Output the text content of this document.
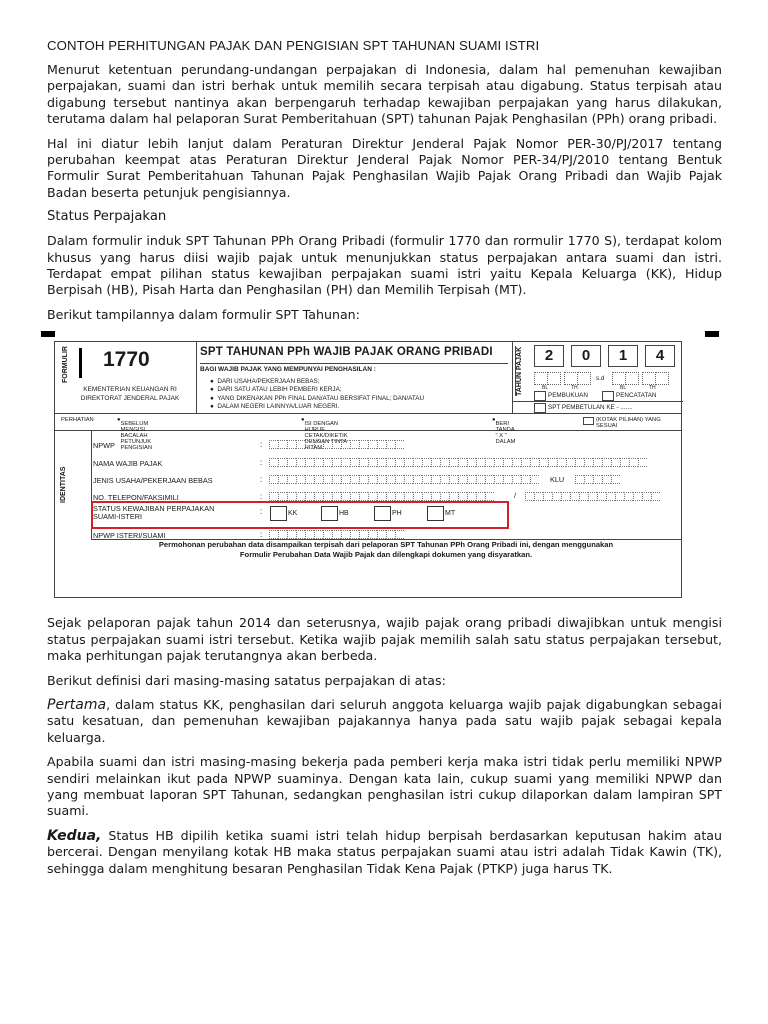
CONTOH PERHITUNGAN PAJAK DAN PENGISIAN SPT TAHUNAN SUAMI ISTRI

Menurut ketentuan perundang-undangan perpajakan di Indonesia, dalam hal pemenuhan kewajiban perpajakan, suami dan istri berhak untuk memilih secara terpisah atau digabung. Status terpisah atau digabung tersebut nantinya akan berpengaruh terhadap kewajiban perpajakan yang harus dilakukan, terutama dalam hal pelaporan Surat Pemberitahuan (SPT) tahunan Pajak Penghasilan (PPh) orang pribadi.

Hal ini diatur lebih lanjut dalam Peraturan Direktur Jenderal Pajak Nomor PER-30/PJ/2017 tentang perubahan keempat atas Peraturan Direktur Jenderal Pajak Nomor PER-34/PJ/2010 tentang Bentuk Formulir Surat Pemberitahuan Tahunan Pajak Penghasilan Wajib Pajak Orang Pribadi dan Wajib Pajak Badan beserta petunjuk pengisiannya.

Status Perpajakan

Dalam formulir induk SPT Tahunan PPh Orang Pribadi (formulir 1770 dan rormulir 1770 S), terdapat kolom khusus yang harus diisi wajib pajak untuk menunjukkan status perpajakan antara suami dan istri. Terdapat empat pilihan status kewajiban perpajakan suami istri yaitu Kepala Keluarga (KK), Hidup Berpisah (HB), Pisah Harta dan Penghasilan (PH) dan Memilih Terpisah (MT).

Berikut tampilannya dalam formulir SPT Tahunan:

FORMULIR 1770
KEMENTERIAN KEUANGAN RI
DIREKTORAT JENDERAL PAJAK
SPT TAHUNAN PPh WAJIB PAJAK ORANG PRIBADI
BAGI WAJIB PAJAK YANG MEMPUNYAI PENGHASILAN :
●  DARI USAHA/PEKERJAAN BEBAS;
●  DARI SATU ATAU LEBIH PEMBERI KERJA;
●  YANG DIKENAKAN PPh FINAL DAN/ATAU BERSIFAT FINAL; DAN/ATAU
●  DALAM NEGERI LAINNYA/LUAR NEGERI.
TAHUN PAJAK	2	0	1	4
s.d
BL	TH	BL	TH
PEMBUKUAN	PENCATATAN
SPT PEMBETULAN KE - .......
PERHATIAN	●
SEBELUM MENGISI BACALAH PETUNJUK PENGISIAN
●
ISI DENGAN HURUF CETAK/DIKETIK DENGAN TINTA HITAM
●
BERI TANDA " X " DALAM
(KOTAK PILIHAN) YANG SESUAI
IDENTITAS
NPWP	:
NAMA WAJIB PAJAK	:
JENIS USAHA/PEKERJAAN BEBAS	:	KLU
NO. TELEPON/FAKSIMILI	:	/
STATUS KEWAJIBAN PERPAJAKAN
SUAMI-ISTERI
:	KK	HB	PH	MT
NPWP ISTERI/SUAMI	:
Permohonan perubahan data disampaikan terpisah dari pelaporan SPT Tahunan PPh Orang Pribadi ini, dengan menggunakan
Formulir Perubahan Data Wajib Pajak dan dilengkapi dokumen yang disyaratkan.

Sejak pelaporan pajak tahun 2014 dan seterusnya, wajib pajak orang pribadi diwajibkan untuk mengisi status perpajakan suami istri tersebut. Ketika wajib pajak memilih salah satu status perpajakan tersebut, maka perhitungan pajak terutangnya akan berbeda.

Berikut definisi dari masing-masing satatus perpajakan di atas:

Pertama, dalam status KK, penghasilan dari seluruh anggota keluarga wajib pajak digabungkan sebagai satu kesatuan, dan pemenuhan kewajiban pajakannya hanya pada satu wajib pajak sebagai kepala keluarga.

Apabila suami dan istri masing-masing bekerja pada pemberi kerja maka istri tidak perlu memiliki NPWP sendiri melainkan ikut pada NPWP suaminya. Dengan kata lain, cukup suami yang memiliki NPWP dan yang membuat laporan SPT Tahunan, sedangkan penghasilan istri cukup dilaporkan dalam lampiran SPT suami.

Kedua, Status HB dipilih ketika suami istri telah hidup berpisah berdasarkan keputusan hakim atau bercerai. Dengan menyilang kotak HB maka status perpajakan suami atau istri adalah Tidak Kawin (TK), sehingga dalam menghitung besaran Penghasilan Tidak Kena Pajak (PTKP) juga harus TK.
